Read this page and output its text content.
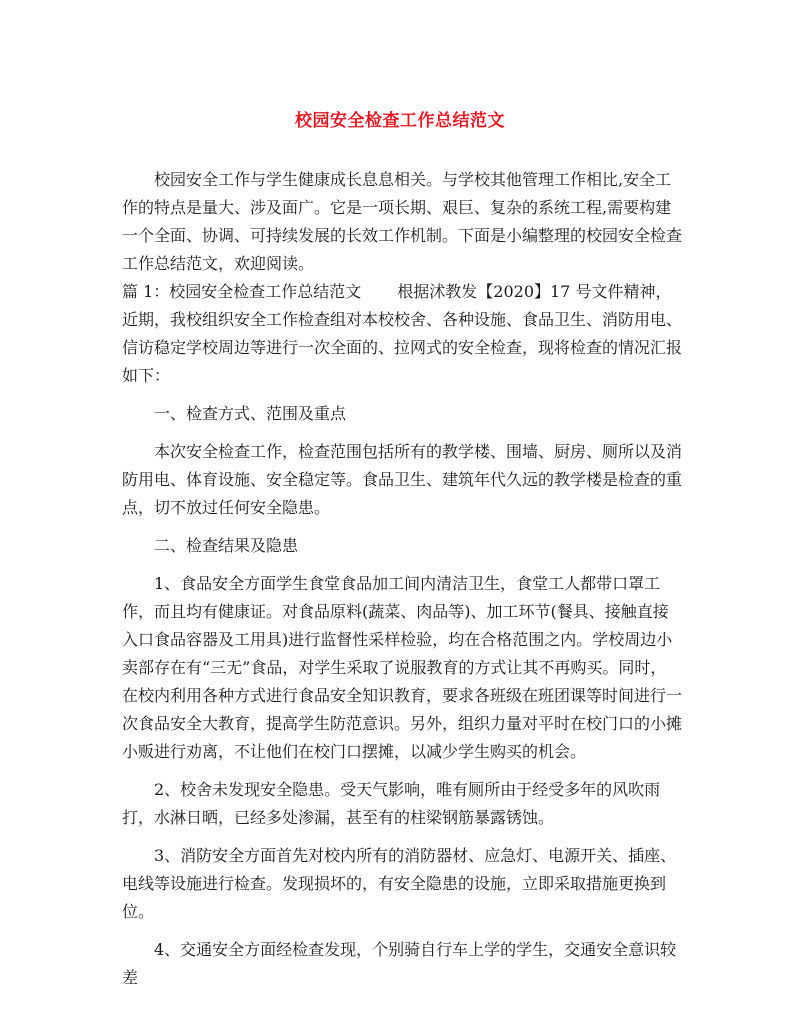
校园安全检查工作总结范文

校园安全工作与学生健康成长息息相关。与学校其他管理工作相比,安全工作的特点是量大、涉及面广。它是一项长期、艰巨、复杂的系统工程,需要构建一个全面、协调、可持续发展的长效工作机制。下面是小编整理的校园安全检查工作总结范文，欢迎阅读。

篇 1：校园安全检查工作总结范文 根据沭教发【2020】17 号文件精神，近期，我校组织安全工作检查组对本校校舍、各种设施、食品卫生、消防用电、信访稳定学校周边等进行一次全面的、拉网式的安全检查，现将检查的情况汇报如下：

一、检查方式、范围及重点

本次安全检查工作，检查范围包括所有的教学楼、围墙、厨房、厕所以及消防用电、体育设施、安全稳定等。食品卫生、建筑年代久远的教学楼是检查的重点，切不放过任何安全隐患。

二、检查结果及隐患

1、食品安全方面学生食堂食品加工间内清洁卫生，食堂工人都带口罩工作，而且均有健康证。对食品原料(蔬菜、肉品等)、加工环节(餐具、接触直接入口食品容器及工用具)进行监督性采样检验，均在合格范围之内。学校周边小卖部存在有“三无”食品，对学生采取了说服教育的方式让其不再购买。同时，在校内利用各种方式进行食品安全知识教育，要求各班级在班团课等时间进行一次食品安全大教育，提高学生防范意识。另外，组织力量对平时在校门口的小摊小贩进行劝离，不让他们在校门口摆摊，以减少学生购买的机会。

2、校舍未发现安全隐患。受天气影响，唯有厕所由于经受多年的风吹雨打，水淋日晒，已经多处渗漏，甚至有的柱梁钢筋暴露锈蚀。

3、消防安全方面首先对校内所有的消防器材、应急灯、电源开关、插座、电线等设施进行检查。发现损坏的，有安全隐患的设施，立即采取措施更换到位。

4、交通安全方面经检查发现，个别骑自行车上学的学生，交通安全意识较差
